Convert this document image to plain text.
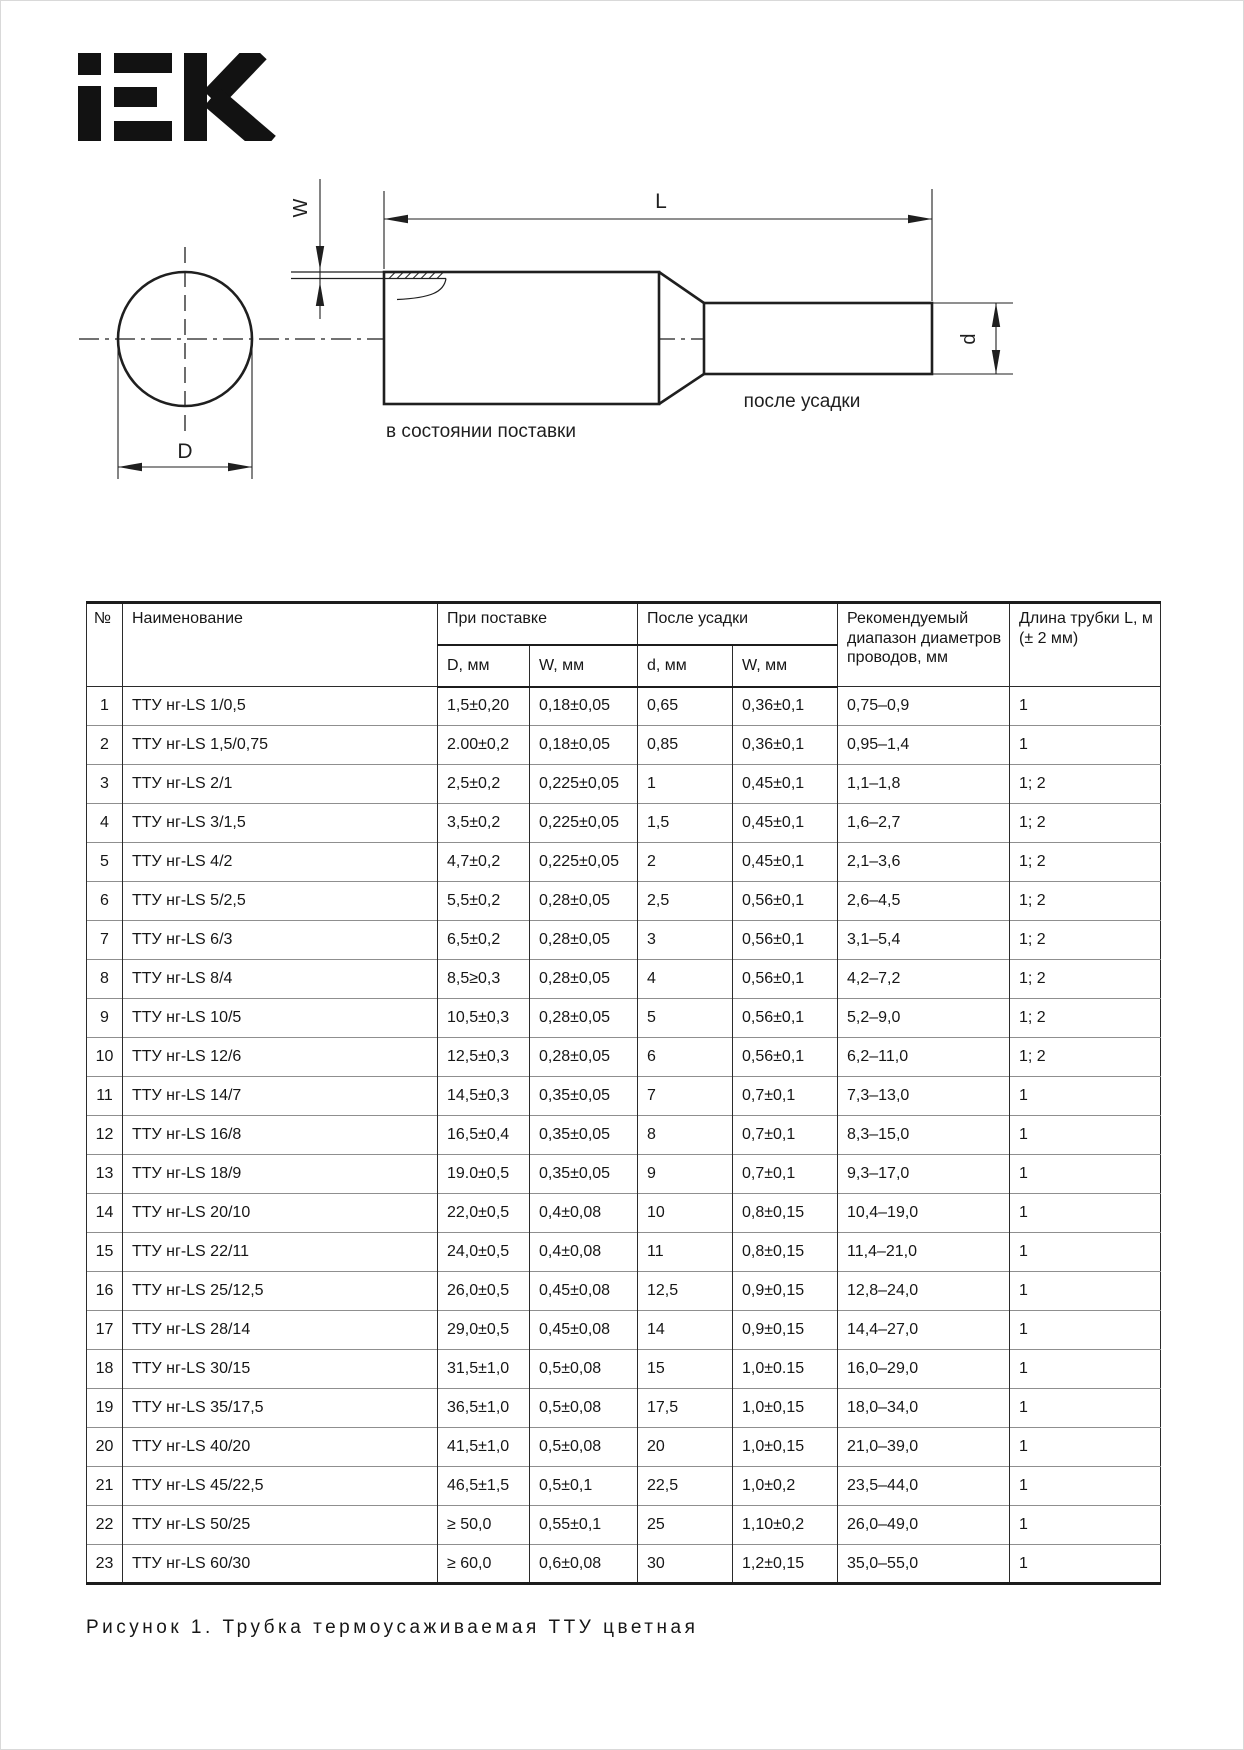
D
L
W
d
в состоянии поставки
после усадки
№	Наименование	При поставке		После усадки		Рекомендуемый диапазон диаметров проводов, мм	Длина трубки L, м (± 2 мм)
		D, мм	W, мм	d, мм	W, мм		
1	ТТУ нг-LS 1/0,5	1,5±0,20	0,18±0,05	0,65	0,36±0,1	0,75–0,9	1
2	ТТУ нг-LS 1,5/0,75	2.00±0,2	0,18±0,05	0,85	0,36±0,1	0,95–1,4	1
3	ТТУ нг-LS 2/1	2,5±0,2	0,225±0,05	1	0,45±0,1	1,1–1,8	1; 2
4	ТТУ нг-LS 3/1,5	3,5±0,2	0,225±0,05	1,5	0,45±0,1	1,6–2,7	1; 2
5	ТТУ нг-LS 4/2	4,7±0,2	0,225±0,05	2	0,45±0,1	2,1–3,6	1; 2
6	ТТУ нг-LS 5/2,5	5,5±0,2	0,28±0,05	2,5	0,56±0,1	2,6–4,5	1; 2
7	ТТУ нг-LS 6/3	6,5±0,2	0,28±0,05	3	0,56±0,1	3,1–5,4	1; 2
8	ТТУ нг-LS 8/4	8,5≥0,3	0,28±0,05	4	0,56±0,1	4,2–7,2	1; 2
9	ТТУ нг-LS 10/5	10,5±0,3	0,28±0,05	5	0,56±0,1	5,2–9,0	1; 2
10	ТТУ нг-LS 12/6	12,5±0,3	0,28±0,05	6	0,56±0,1	6,2–11,0	1; 2
11	ТТУ нг-LS 14/7	14,5±0,3	0,35±0,05	7	0,7±0,1	7,3–13,0	1
12	ТТУ нг-LS 16/8	16,5±0,4	0,35±0,05	8	0,7±0,1	8,3–15,0	1
13	ТТУ нг-LS 18/9	19.0±0,5	0,35±0,05	9	0,7±0,1	9,3–17,0	1
14	ТТУ нг-LS 20/10	22,0±0,5	0,4±0,08	10	0,8±0,15	10,4–19,0	1
15	ТТУ нг-LS 22/11	24,0±0,5	0,4±0,08	11	0,8±0,15	11,4–21,0	1
16	ТТУ нг-LS 25/12,5	26,0±0,5	0,45±0,08	12,5	0,9±0,15	12,8–24,0	1
17	ТТУ нг-LS 28/14	29,0±0,5	0,45±0,08	14	0,9±0,15	14,4–27,0	1
18	ТТУ нг-LS 30/15	31,5±1,0	0,5±0,08	15	1,0±0.15	16,0–29,0	1
19	ТТУ нг-LS 35/17,5	36,5±1,0	0,5±0,08	17,5	1,0±0,15	18,0–34,0	1
20	ТТУ нг-LS 40/20	41,5±1,0	0,5±0,08	20	1,0±0,15	21,0–39,0	1
21	ТТУ нг-LS 45/22,5	46,5±1,5	0,5±0,1	22,5	1,0±0,2	23,5–44,0	1
22	ТТУ нг-LS 50/25	≥ 50,0	0,55±0,1	25	1,10±0,2	26,0–49,0	1
23	ТТУ нг-LS 60/30	≥ 60,0	0,6±0,08	30	1,2±0,15	35,0–55,0	1
Рисунок 1. Трубка термоусаживаемая ТТУ цветная
